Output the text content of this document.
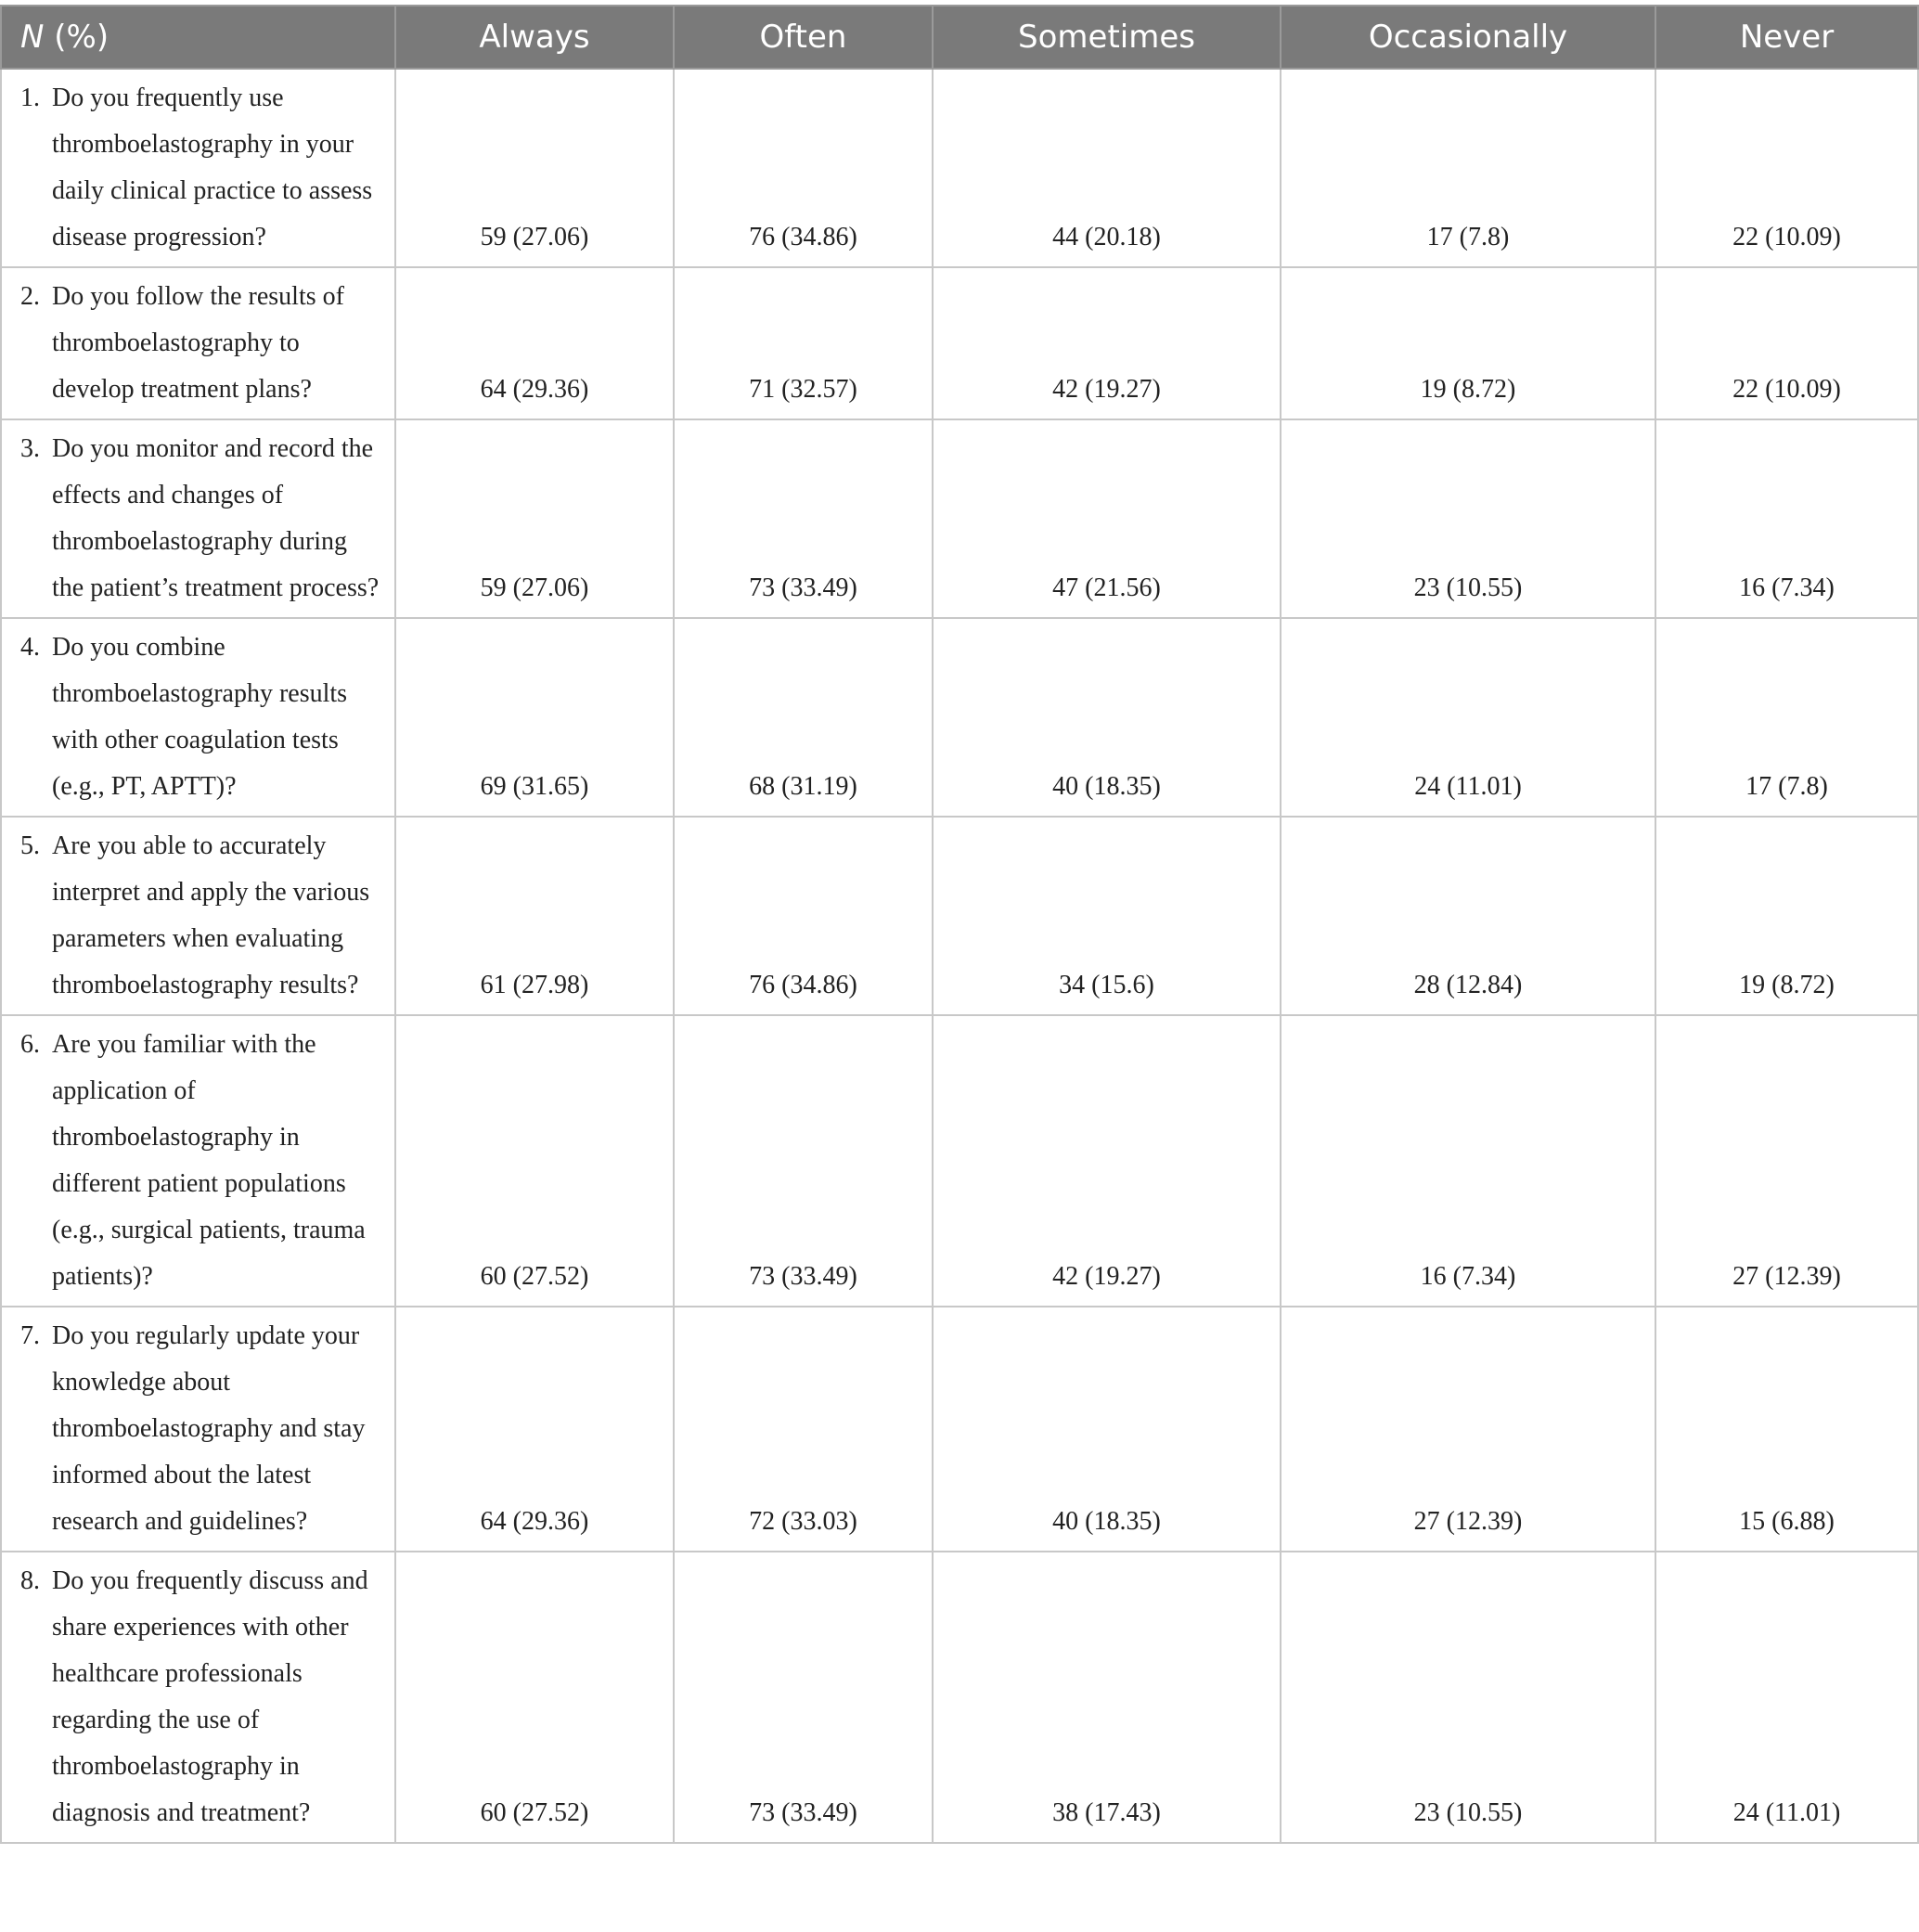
N (%)	Always	Often	Sometimes	Occasionally	Never

1. Do you frequently use thromboelastography in your daily clinical practice to assess disease progression?	59 (27.06)	76 (34.86)	44 (20.18)	17 (7.8)	22 (10.09)

2. Do you follow the results of thromboelastography to develop treatment plans?	64 (29.36)	71 (32.57)	42 (19.27)	19 (8.72)	22 (10.09)

3. Do you monitor and record the effects and changes of thromboelastography during the patient’s treatment process?	59 (27.06)	73 (33.49)	47 (21.56)	23 (10.55)	16 (7.34)

4. Do you combine thromboelastography results with other coagulation tests (e.g., PT, APTT)?	69 (31.65)	68 (31.19)	40 (18.35)	24 (11.01)	17 (7.8)

5. Are you able to accurately interpret and apply the various parameters when evaluating thromboelastography results?	61 (27.98)	76 (34.86)	34 (15.6)	28 (12.84)	19 (8.72)

6. Are you familiar with the application of thromboelastography in different patient populations (e.g., surgical patients, trauma patients)?	60 (27.52)	73 (33.49)	42 (19.27)	16 (7.34)	27 (12.39)

7. Do you regularly update your knowledge about thromboelastography and stay informed about the latest research and guidelines?	64 (29.36)	72 (33.03)	40 (18.35)	27 (12.39)	15 (6.88)

8. Do you frequently discuss and share experiences with other healthcare professionals regarding the use of thromboelastography in diagnosis and treatment?	60 (27.52)	73 (33.49)	38 (17.43)	23 (10.55)	24 (11.01)
